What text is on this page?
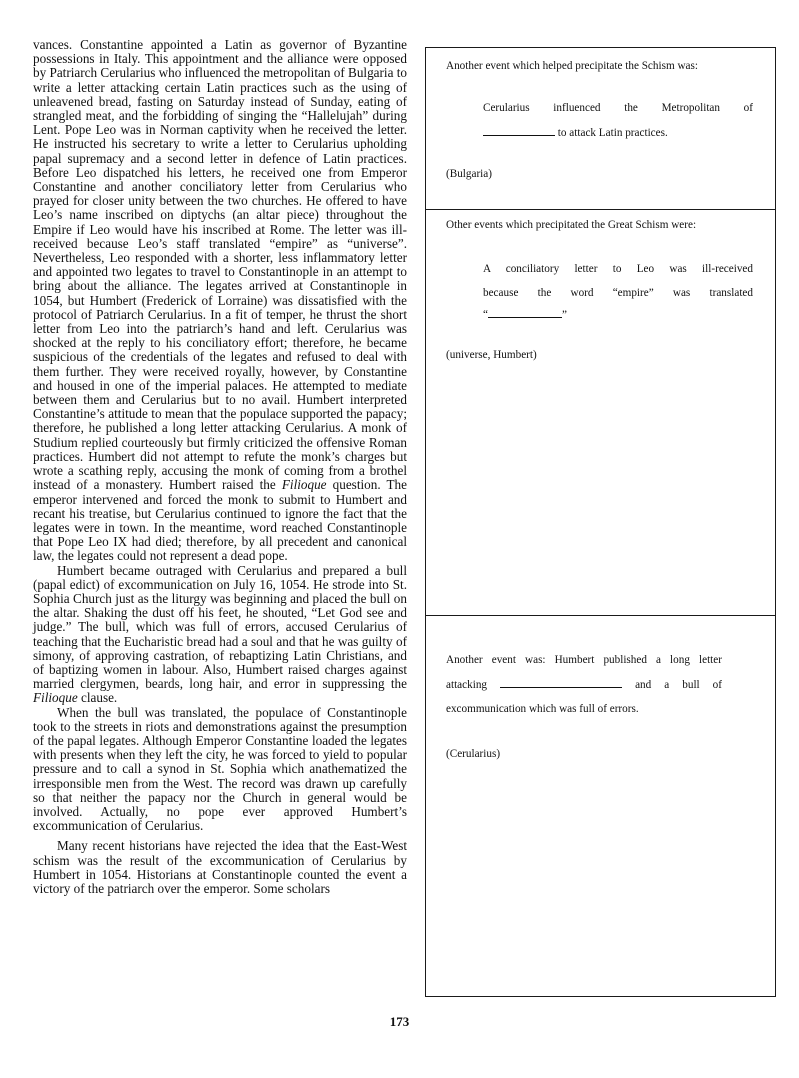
vances. Constantine appointed a Latin as governor of Byzantine possessions in Italy. This appointment and the alliance were opposed by Patriarch Cerularius who influenced the metropolitan of Bulgaria to write a letter attacking certain Latin practices such as the using of unleavened bread, fasting on Saturday instead of Sunday, eating of strangled meat, and the forbidding of singing the “Hallelujah” during Lent. Pope Leo was in Norman captivity when he received the letter. He instructed his secretary to write a letter to Cerularius upholding papal supremacy and a second letter in defence of Latin practices. Before Leo dispatched his letters, he received one from Emperor Constantine and another conciliatory letter from Cerularius who prayed for closer unity between the two churches. He offered to have Leo’s name inscribed on diptychs (an altar piece) throughout the Empire if Leo would have his inscribed at Rome. The letter was ill-received because Leo’s staff translated “empire” as “universe”. Nevertheless, Leo responded with a shorter, less inflammatory letter and appointed two legates to travel to Constantinople in an attempt to bring about the alliance. The legates arrived at Constantinople in 1054, but Humbert (Frederick of Lorraine) was dissatisfied with the protocol of Patriarch Cerularius. In a fit of temper, he thrust the short letter from Leo into the patriarch’s hand and left. Cerularius was shocked at the reply to his conciliatory effort; therefore, he became suspicious of the credentials of the legates and refused to deal with them further. They were received royally, however, by Constantine and housed in one of the imperial palaces. He attempted to mediate between them and Cerularius but to no avail. Humbert interpreted Constantine’s attitude to mean that the populace supported the papacy; therefore, he published a long letter attacking Cerularius. A monk of Studium replied courteously but firmly criticized the offensive Roman practices. Humbert did not attempt to refute the monk’s charges but wrote a scathing reply, accusing the monk of coming from a brothel instead of a monastery. Humbert raised the Filioque question. The emperor intervened and forced the monk to submit to Humbert and recant his treatise, but Cerularius continued to ignore the fact that the legates were in town. In the meantime, word reached Constantinople that Pope Leo IX had died; therefore, by all precedent and canonical law, the legates could not represent a dead pope.

Humbert became outraged with Cerularius and prepared a bull (papal edict) of excommunication on July 16, 1054. He strode into St. Sophia Church just as the liturgy was beginning and placed the bull on the altar. Shaking the dust off his feet, he shouted, “Let God see and judge.” The bull, which was full of errors, accused Cerularius of teaching that the Eucharistic bread had a soul and that he was guilty of simony, of approving castration, of rebaptizing Latin Christians, and of baptizing women in labour. Also, Humbert raised charges against married clergymen, beards, long hair, and error in suppressing the Filioque clause.

When the bull was translated, the populace of Constantinople took to the streets in riots and demonstrations against the presumption of the papal legates. Although Emperor Constantine loaded the legates with presents when they left the city, he was forced to yield to popular pressure and to call a synod in St. Sophia which anathematized the irresponsible men from the West. The record was drawn up carefully so that neither the papacy nor the Church in general would be involved. Actually, no pope ever approved Humbert’s excommunication of Cerularius.

Many recent historians have rejected the idea that the East-West schism was the result of the excommunication of Cerularius by Humbert in 1054. Historians at Constantinople counted the event a victory of the patriarch over the emperor. Some scholars

Another event which helped precipitate the Schism was:
Cerularius influenced the Metropolitan of
to attack Latin practices.
(Bulgaria)
Other events which precipitated the Great Schism were:
A conciliatory letter to Leo was ill-received
because the word “empire” was translated
“	”
(universe, Humbert)
Another event was: Humbert published a long letter
attacking	and a bull of
excommunication which was full of errors.
(Cerularius)
173
